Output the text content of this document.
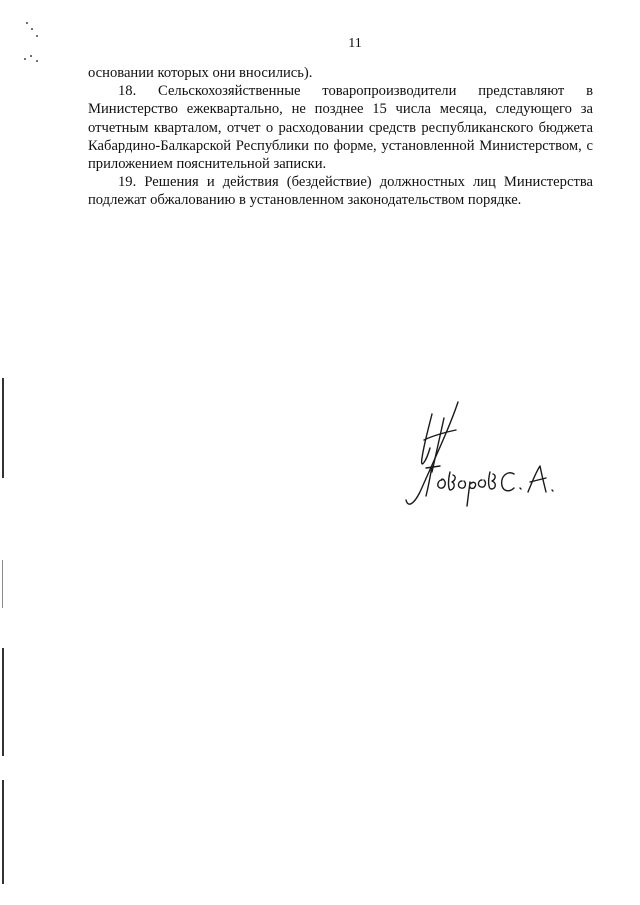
11

основании которых они вносились).

18. Сельскохозяйственные товаропроизводители представляют в Министерство ежеквартально, не позднее 15 числа месяца, следующего за отчетным кварталом, отчет о расходовании средств республиканского бюджета Кабардино-Балкарской Республики по форме, установленной Министерством, с приложением пояснительной записки.

19. Решения и действия (бездействие) должностных лиц Министерства подлежат обжалованию в установленном законодательством порядке.
